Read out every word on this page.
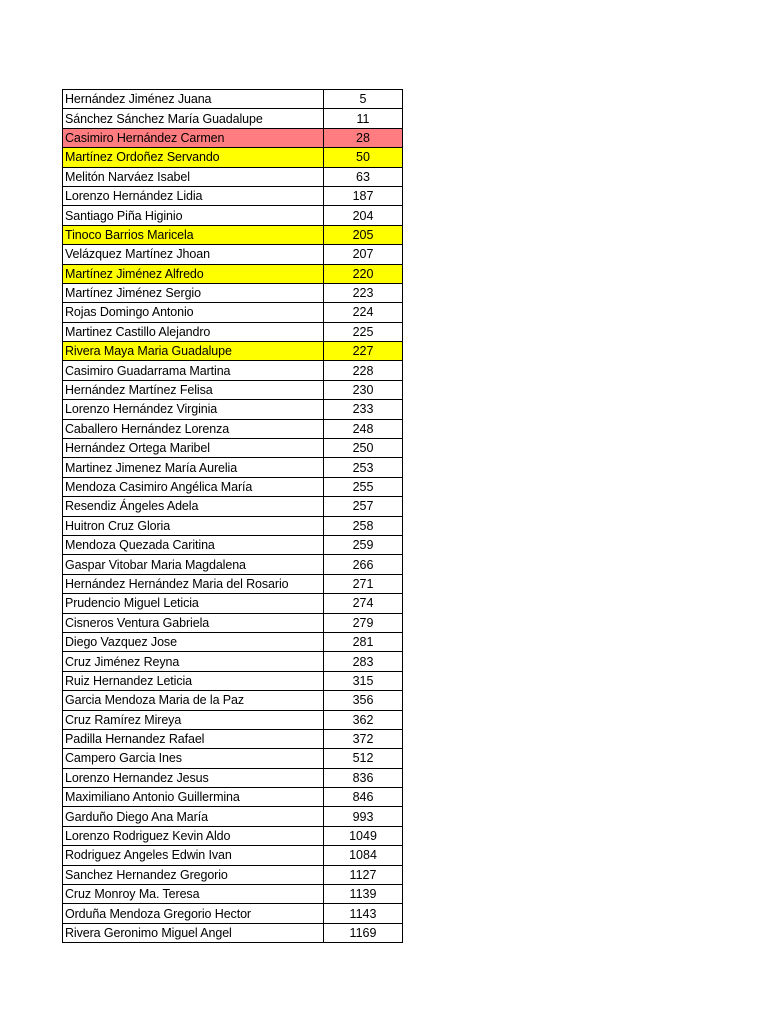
Hernández Jiménez Juana	5
Sánchez Sánchez María Guadalupe	11
Casimiro Hernández Carmen	28
Martínez Ordoñez Servando	50
Melitón Narváez Isabel	63
Lorenzo Hernández Lidia	187
Santiago Piña Higinio	204
Tinoco Barrios Maricela	205
Velázquez Martínez Jhoan	207
Martínez Jiménez Alfredo	220
Martínez Jiménez Sergio	223
Rojas Domingo Antonio	224
Martinez Castillo Alejandro	225
Rivera Maya Maria Guadalupe	227
Casimiro Guadarrama Martina	228
Hernández Martínez Felisa	230
Lorenzo Hernández Virginia	233
Caballero Hernández Lorenza	248
Hernández Ortega Maribel	250
Martinez Jimenez María Aurelia	253
Mendoza Casimiro Angélica María	255
Resendiz Ángeles Adela	257
Huitron Cruz Gloria	258
Mendoza Quezada Caritina	259
Gaspar Vitobar Maria Magdalena	266
Hernández Hernández Maria del Rosario	271
Prudencio Miguel Leticia	274
Cisneros Ventura Gabriela	279
Diego Vazquez Jose	281
Cruz Jiménez Reyna	283
Ruiz Hernandez Leticia	315
Garcia Mendoza Maria de la Paz	356
Cruz Ramírez Mireya	362
Padilla Hernandez Rafael	372
Campero Garcia Ines	512
Lorenzo Hernandez Jesus	836
Maximiliano Antonio Guillermina	846
Garduño Diego Ana María	993
Lorenzo Rodriguez Kevin Aldo	1049
Rodriguez Angeles Edwin Ivan	1084
Sanchez Hernandez Gregorio	1127
Cruz Monroy Ma. Teresa	1139
Orduña Mendoza Gregorio Hector	1143
Rivera Geronimo Miguel Angel	1169
